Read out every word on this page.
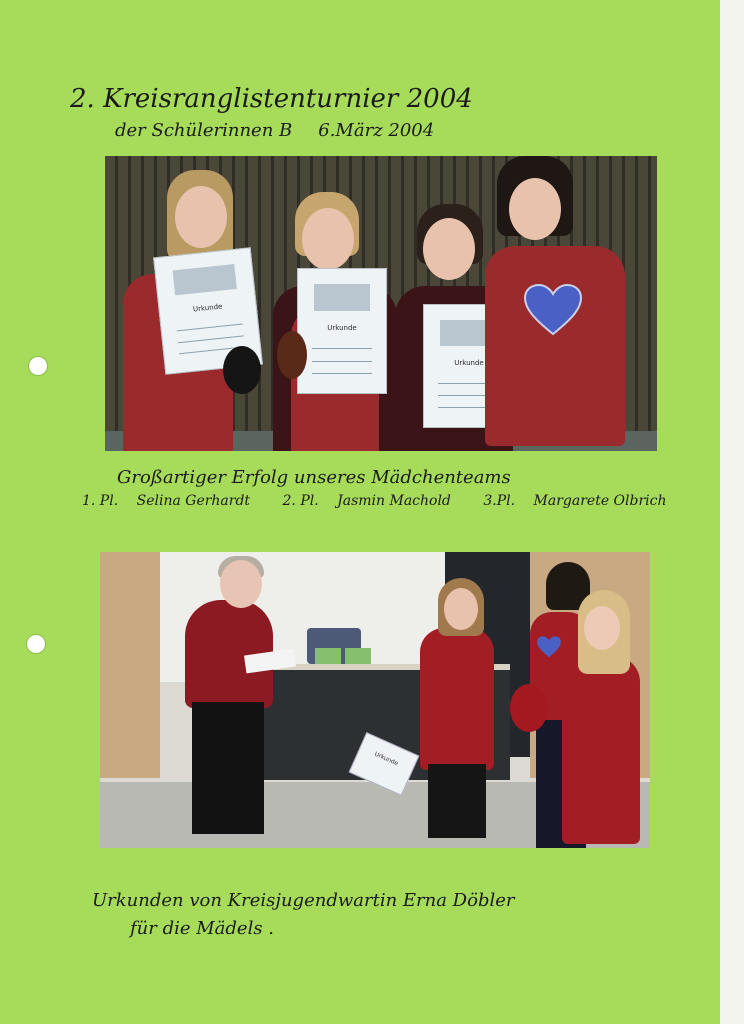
2. Kreisranglistenturnier 2004
der Schülerinnen B 6.März 2004
Urkunde
Urkunde
Urkunde
Großartiger Erfolg unseres Mädchenteams
1. Pl. Selina Gerhardt 2. Pl. Jasmin Machold 3.Pl. Margarete Olbrich
Urkunde
Urkunden von Kreisjugendwartin Erna Döbler
für die Mädels .
